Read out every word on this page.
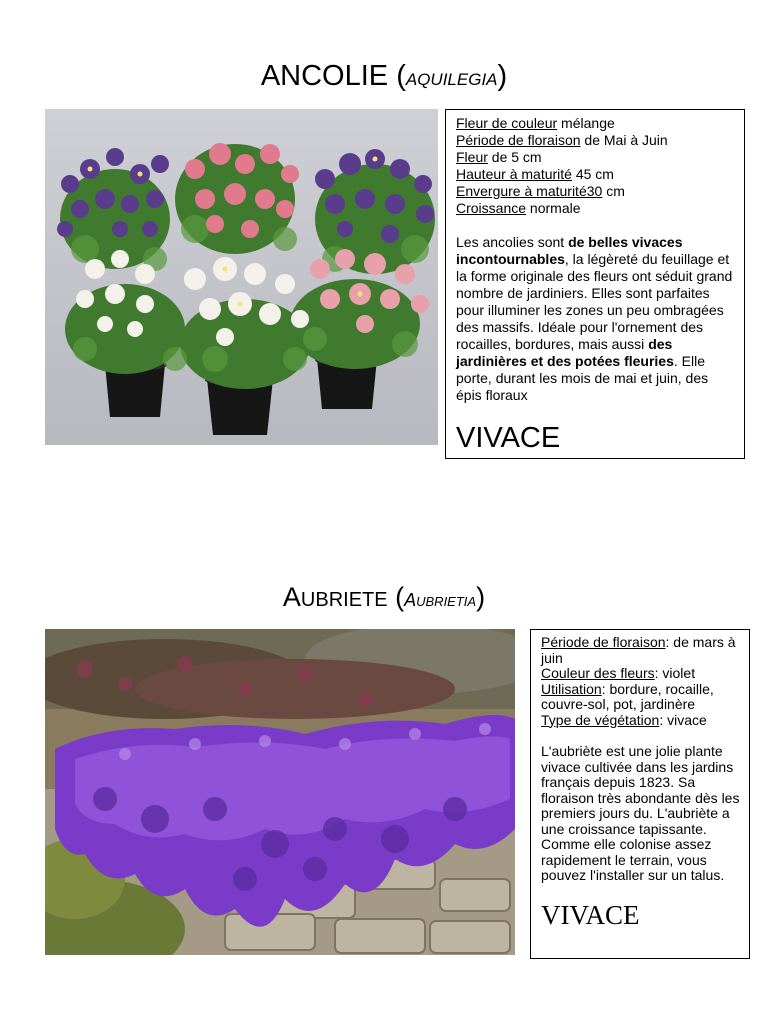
ANCOLIE (AQUILEGIA)
Fleur de couleur mélange
Période de floraison de Mai à Juin
Fleur de 5 cm
Hauteur à maturité 45 cm
Envergure à maturité30 cm
Croissance normale

Les ancolies sont de belles vivaces incontournables, la légèreté du feuillage et la forme originale des fleurs ont séduit grand nombre de jardiniers. Elles sont parfaites pour illuminer les zones un peu ombragées des massifs. Idéale pour l'ornement des rocailles, bordures, mais aussi des jardinières et des potées fleuries. Elle porte, durant les mois de mai et juin, des épis floraux

VIVACE
AUBRIETE (AUBRIETIA)
Période de floraison: de mars à juin
Couleur des fleurs: violet
Utilisation: bordure, rocaille, couvre-sol, pot, jardinère
Type de végétation: vivace

L'aubriète est une jolie plante vivace cultivée dans les jardins français depuis 1823. Sa floraison très abondante dès les premiers jours du. L'aubriète a une croissance tapissante. Comme elle colonise assez rapidement le terrain, vous pouvez l'installer sur un talus.

VIVACE
